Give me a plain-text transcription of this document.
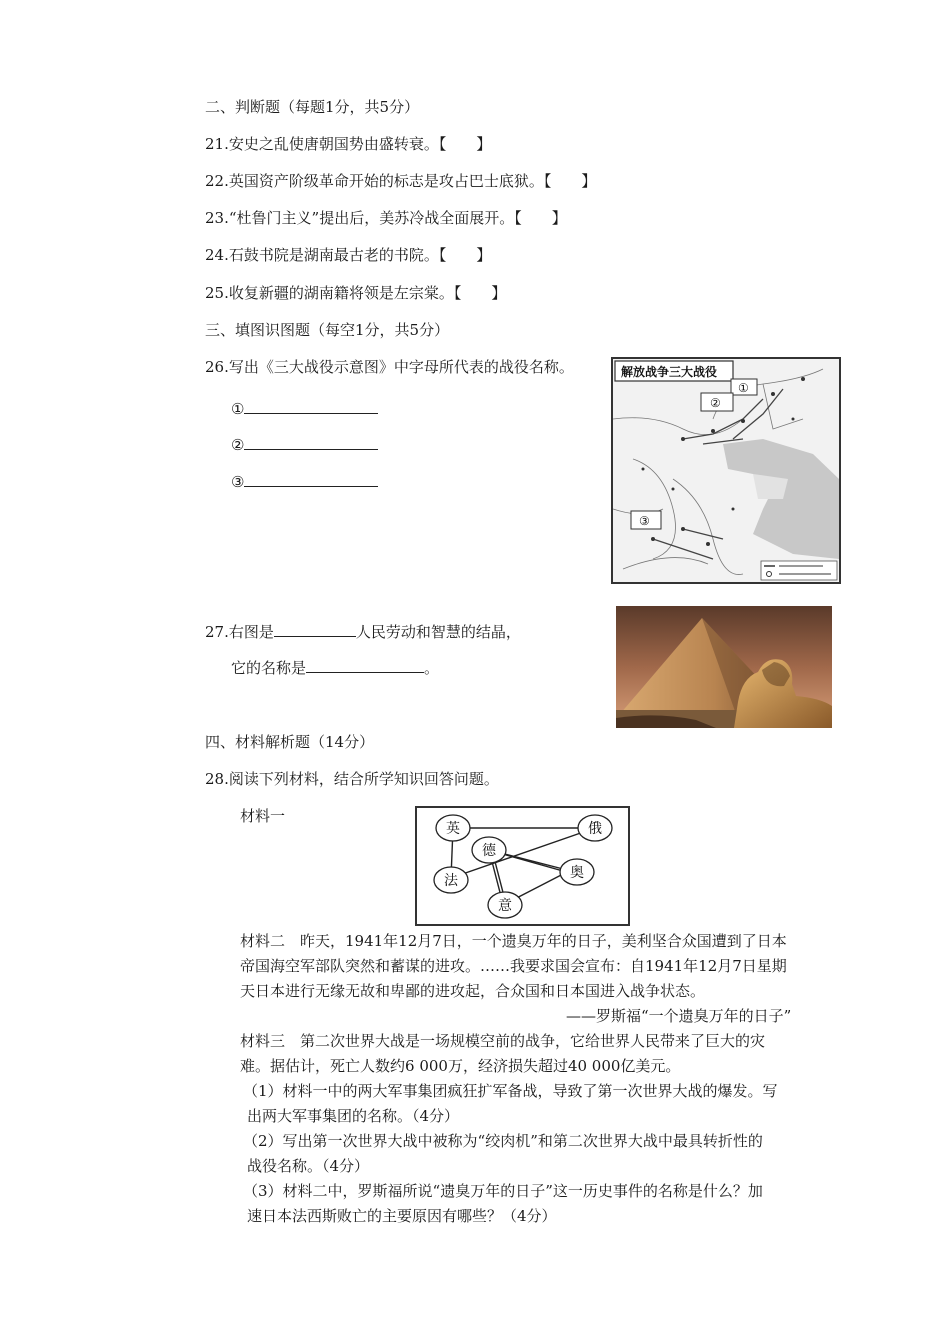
二、判断题（每题1分，共5分）
21.安史之乱使唐朝国势由盛转衰。【　　】
22.英国资产阶级革命开始的标志是攻占巴士底狱。【　　】
23.“杜鲁门主义”提出后，美苏冷战全面展开。【　　】
24.石鼓书院是湖南最古老的书院。【　　】
25.收复新疆的湖南籍将领是左宗棠。【　　】
三、填图识图题（每空1分，共5分）
26.写出《三大战役示意图》中字母所代表的战役名称。
①
②
③
解放战争三大战役
①
②
③
27.右图是	人民劳动和智慧的结晶，
它的名称是	。
四、材料解析题（14分）
28.阅读下列材料，结合所学知识回答问题。
材料一
英	俄
德
法	奥
意
材料二　昨天，1941年12月7日，一个遗臭万年的日子，美利坚合众国遭到了日本
帝国海空军部队突然和蓄谋的进攻。……我要求国会宣布：自1941年12月7日星期
天日本进行无缘无故和卑鄙的进攻起，合众国和日本国进入战争状态。
——罗斯福“一个遗臭万年的日子”
材料三　第二次世界大战是一场规模空前的战争，它给世界人民带来了巨大的灾
难。据估计，死亡人数约6 000万，经济损失超过40 000亿美元。
（1）材料一中的两大军事集团疯狂扩军备战，导致了第一次世界大战的爆发。写
出两大军事集团的名称。（4分）
（2）写出第一次世界大战中被称为“绞肉机”和第二次世界大战中最具转折性的
战役名称。（4分）
（3）材料二中，罗斯福所说“遗臭万年的日子”这一历史事件的名称是什么？加
速日本法西斯败亡的主要原因有哪些？（4分）
